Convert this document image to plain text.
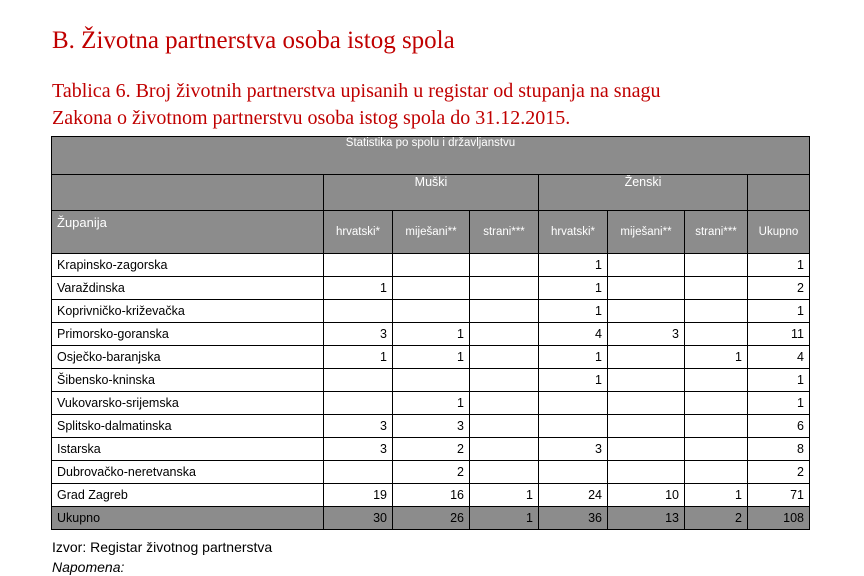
B. Životna partnerstva osoba istog spola
Tablica 6. Broj životnih partnerstva upisanih u registar od stupanja na snagu
Zakona o životnom partnerstvu osoba istog spola do 31.12.2015.
Statistika po spolu i državljanstvu							
	Muški			Ženski			
Županija	hrvatski*	miješani**	strani***	hrvatski*	miješani**	strani***	Ukupno
Krapinsko-zagorska				1			1
Varaždinska	1			1			2
Koprivničko-križevačka				1			1
Primorsko-goranska	3	1		4	3		11
Osječko-baranjska	1	1		1		1	4
Šibensko-kninska				1			1
Vukovarsko-srijemska		1					1
Splitsko-dalmatinska	3	3					6
Istarska	3	2		3			8
Dubrovačko-neretvanska		2					2
Grad Zagreb	19	16	1	24	10	1	71
Ukupno	30	26	1	36	13	2	108
Izvor: Registar životnog partnerstva
Napomena:
